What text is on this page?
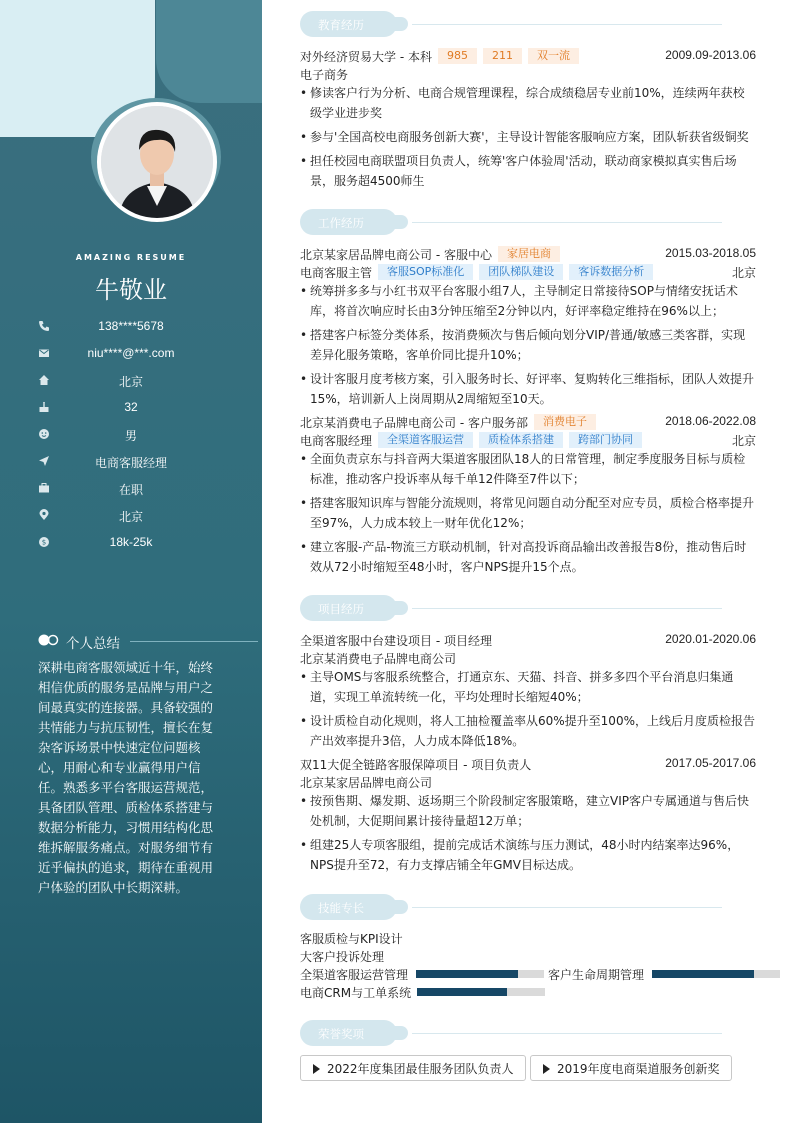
AMAZING RESUME
牛敬业
138****5678
niu****@***.com
北京
32
男
电商客服经理
在职
北京
$	18k-25k
个人总结
深耕电商客服领域近十年，始终相信优质的服务是品牌与用户之间最真实的连接器。具备较强的共情能力与抗压韧性，擅长在复杂客诉场景中快速定位问题核心，用耐心和专业赢得用户信任。熟悉多平台客服运营规范，具备团队管理、质检体系搭建与数据分析能力，习惯用结构化思维拆解服务痛点。对服务细节有近乎偏执的追求，期待在重视用户体验的团队中长期深耕。
教育经历
对外经济贸易大学 - 本科 985 211 双一流	2009.09-2013.06
电子商务
• 修读客户行为分析、电商合规管理课程，综合成绩稳居专业前10%，连续两年获校级学业进步奖
• 参与'全国高校电商服务创新大赛'，主导设计智能客服响应方案，团队斩获省级铜奖
• 担任校园电商联盟项目负责人，统筹'客户体验周'活动，联动商家模拟真实售后场景，服务超4500师生
工作经历
北京某家居品牌电商公司 - 客服中心 家居电商	2015.03-2018.05
电商客服主管 客服SOP标准化 团队梯队建设 客诉数据分析	北京
• 统筹拼多多与小红书双平台客服小组7人，主导制定日常接待SOP与情绪安抚话术库，将首次响应时长由3分钟压缩至2分钟以内，好评率稳定维持在96%以上；
• 搭建客户标签分类体系，按消费频次与售后倾向划分VIP/普通/敏感三类客群，实现差异化服务策略，客单价同比提升10%；
• 设计客服月度考核方案，引入服务时长、好评率、复购转化三维指标，团队人效提升15%，培训新人上岗周期从2周缩短至10天。
北京某消费电子品牌电商公司 - 客户服务部 消费电子	2018.06-2022.08
电商客服经理 全渠道客服运营 质检体系搭建 跨部门协同	北京
• 全面负责京东与抖音两大渠道客服团队18人的日常管理，制定季度服务目标与质检标准，推动客户投诉率从每千单12件降至7件以下；
• 搭建客服知识库与智能分流规则，将常见问题自动分配至对应专员，质检合格率提升至97%，人力成本较上一财年优化12%；
• 建立客服-产品-物流三方联动机制，针对高投诉商品输出改善报告8份，推动售后时效从72小时缩短至48小时，客户NPS提升15个点。
项目经历
全渠道客服中台建设项目 - 项目经理	2020.01-2020.06
北京某消费电子品牌电商公司
• 主导OMS与客服系统整合，打通京东、天猫、抖音、拼多多四个平台消息归集通道，实现工单流转统一化，平均处理时长缩短40%；
• 设计质检自动化规则，将人工抽检覆盖率从60%提升至100%，上线后月度质检报告产出效率提升3倍，人力成本降低18%。
双11大促全链路客服保障项目 - 项目负责人	2017.05-2017.06
北京某家居品牌电商公司
• 按预售期、爆发期、返场期三个阶段制定客服策略，建立VIP客户专属通道与售后快处机制，大促期间累计接待量超12万单；
• 组建25人专项客服组，提前完成话术演练与压力测试，48小时内结案率达96%，NPS提升至72，有力支撑店铺全年GMV目标达成。
技能专长
客服质检与KPI设计
大客户投诉处理
全渠道客服运营管理	客户生命周期管理
电商CRM与工单系统
荣誉奖项
2022年度集团最佳服务团队负责人	2019年度电商渠道服务创新奖
